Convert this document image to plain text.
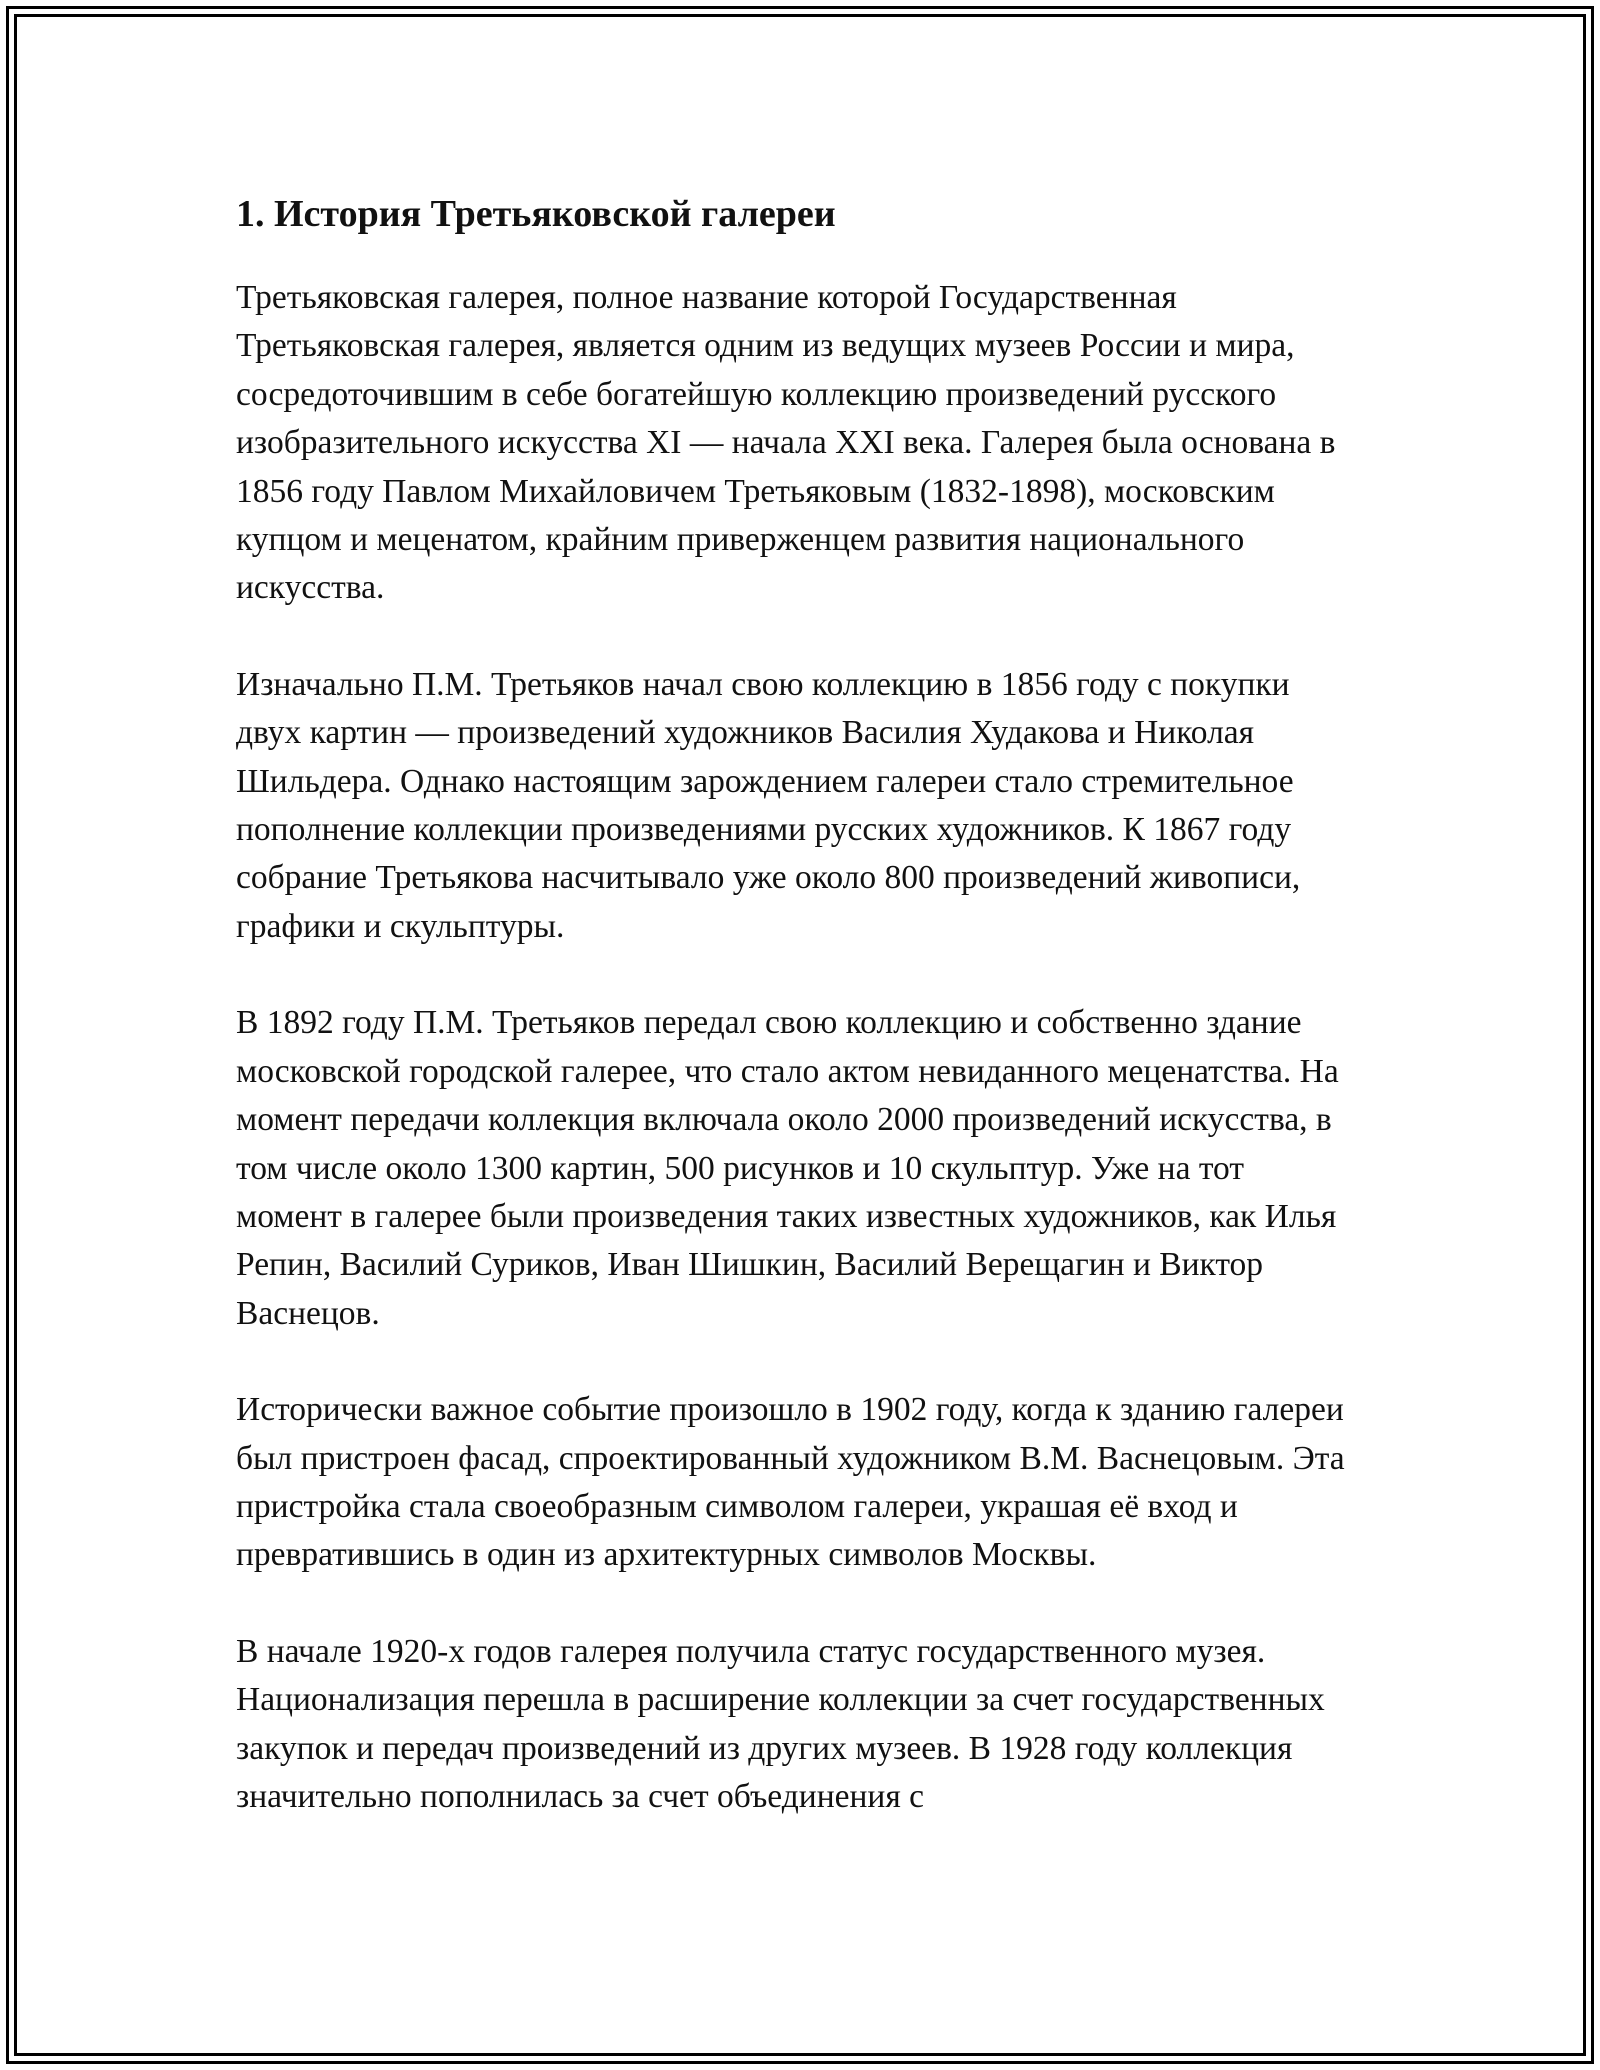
1. История Третьяковской галереи

Третьяковская галерея, полное название которой Государственная Третьяковская галерея, является одним из ведущих музеев России и мира, сосредоточившим в себе богатейшую коллекцию произведений русского изобразительного искусства XI — начала XXI века. Галерея была основана в 1856 году Павлом Михайловичем Третьяковым (1832-1898), московским купцом и меценатом, крайним приверженцем развития национального искусства.

Изначально П.М. Третьяков начал свою коллекцию в 1856 году с покупки двух картин — произведений художников Василия Худакова и Николая Шильдера. Однако настоящим зарождением галереи стало стремительное пополнение коллекции произведениями русских художников. К 1867 году собрание Третьякова насчитывало уже около 800 произведений живописи, графики и скульптуры.

В 1892 году П.М. Третьяков передал свою коллекцию и собственно здание московской городской галерее, что стало актом невиданного меценатства. На момент передачи коллекция включала около 2000 произведений искусства, в том числе около 1300 картин, 500 рисунков и 10 скульптур. Уже на тот момент в галерее были произведения таких известных художников, как Илья Репин, Василий Суриков, Иван Шишкин, Василий Верещагин и Виктор Васнецов.

Исторически важное событие произошло в 1902 году, когда к зданию галереи был пристроен фасад, спроектированный художником В.М. Васнецовым. Эта пристройка стала своеобразным символом галереи, украшая её вход и превратившись в один из архитектурных символов Москвы.

В начале 1920-х годов галерея получила статус государственного музея. Национализация перешла в расширение коллекции за счет государственных закупок и передач произведений из других музеев. В 1928 году коллекция значительно пополнилась за счет объединения с
